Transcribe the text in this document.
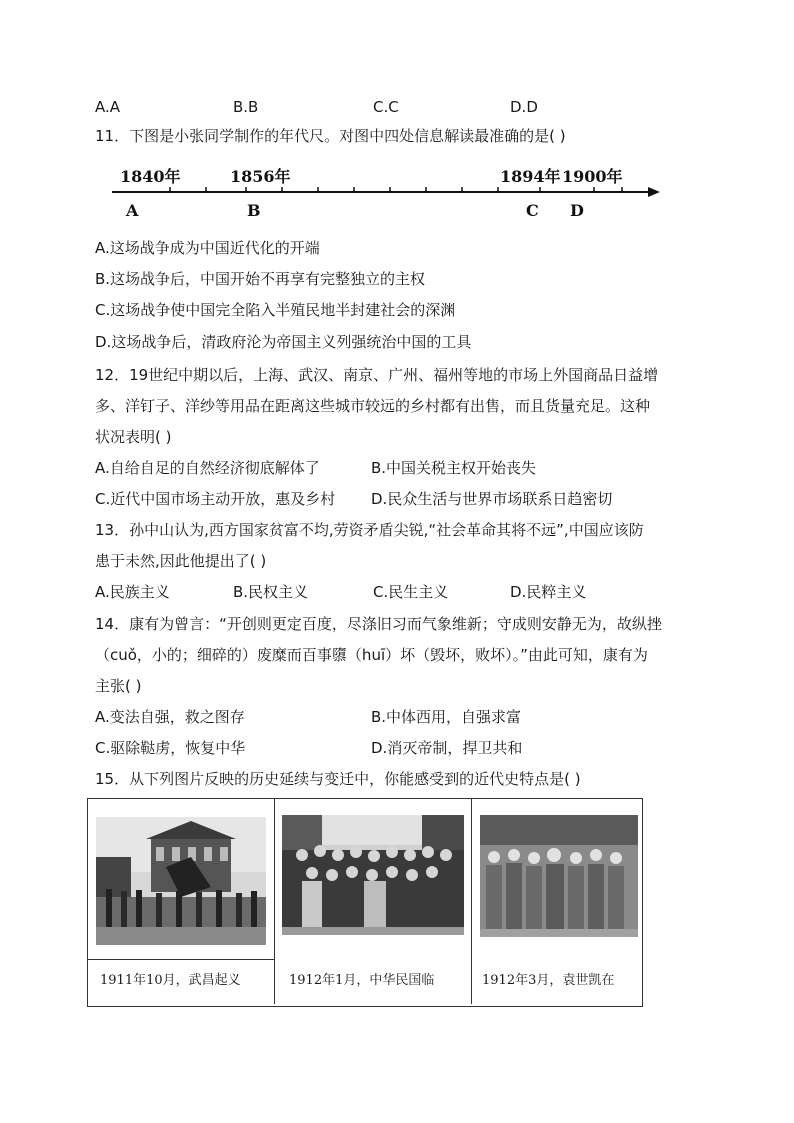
A.A	B.B	C.C	D.D
11．下图是小张同学制作的年代尺。对图中四处信息解读最准确的是( )
1840年	1856年	1894年 1900年
A	B	C D
A.这场战争成为中国近代化的开端
B.这场战争后，中国开始不再享有完整独立的主权
C.这场战争使中国完全陷入半殖民地半封建社会的深渊
D.这场战争后，清政府沦为帝国主义列强统治中国的工具
12．19世纪中期以后，上海、武汉、南京、广州、福州等地的市场上外国商品日益增
多、洋钉子、洋纱等用品在距离这些城市较远的乡村都有出售，而且货量充足。这种
状况表明( )
A.自给自足的自然经济彻底解体了	B.中国关税主权开始丧失
C.近代中国市场主动开放，惠及乡村 D.民众生活与世界市场联系日趋密切
13．孙中山认为,西方国家贫富不均,劳资矛盾尖锐,“社会革命其将不远”,中国应该防
患于未然,因此他提出了( )
A.民族主义	B.民权主义	C.民生主义	D.民粹主义
14．康有为曾言：“开创则更定百度，尽涤旧习而气象维新；守成则安静无为，故纵挫
（cuǒ，小的；细碎的）废糜而百事隳（huī）坏（毁坏，败坏）。”由此可知，康有为
主张( )
A.变法自强，救之图存	B.中体西用，自强求富
C.驱除鞑虏，恢复中华	D.消灭帝制，捍卫共和
15．从下列图片反映的历史延续与变迁中，你能感受到的近代史特点是( )
1911年10月，武昌起义	1912年1月，中华民国临	1912年3月，袁世凯在
